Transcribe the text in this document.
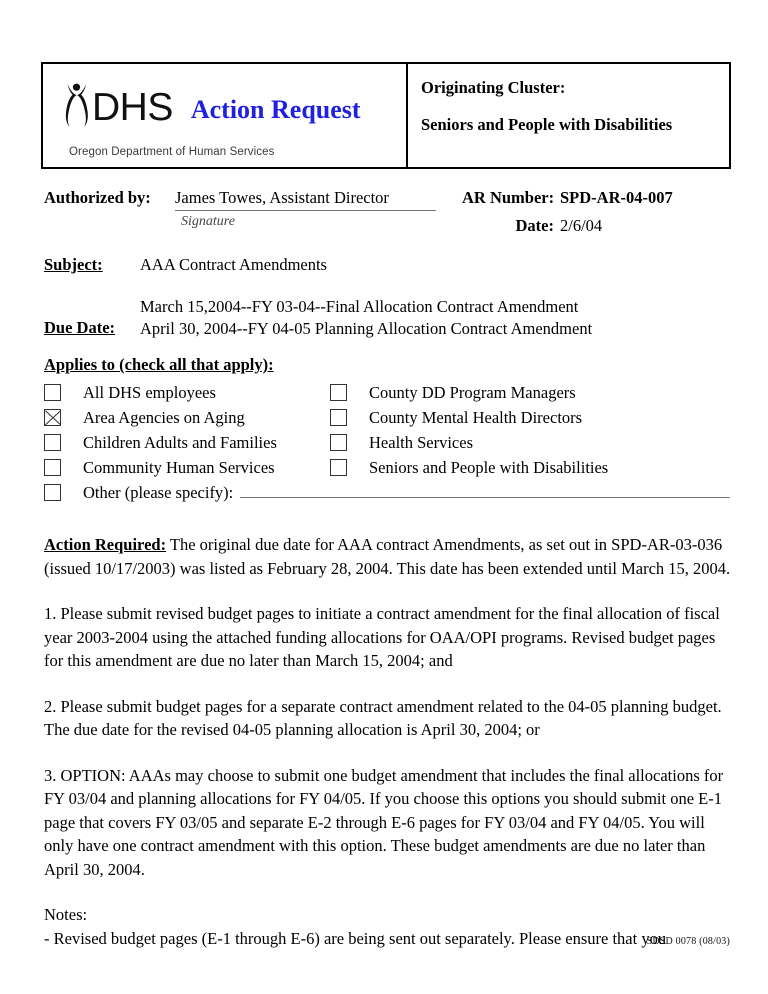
DHS Action Request
Oregon Department of Human Services
Originating Cluster:
Seniors and People with Disabilities
Authorized by: James Towes, Assistant Director	AR Number: SPD-AR-04-007
Signature	Date: 2/6/04
Subject: AAA Contract Amendments
Due Date:
March 15,2004--FY 03-04--Final Allocation Contract Amendment
April 30, 2004--FY 04-05 Planning Allocation Contract Amendment
Applies to (check all that apply):
All DHS employees
Area Agencies on Aging
Children Adults and Families
Community Human Services
Other (please specify):
County DD Program Managers
County Mental Health Directors
Health Services
Seniors and People with Disabilities

Action Required: The original due date for AAA contract Amendments, as set out in SPD-AR-03-036 (issued 10/17/2003) was listed as February 28, 2004. This date has been extended until March 15, 2004.

1. Please submit revised budget pages to initiate a contract amendment for the final allocation of fiscal year 2003-2004 using the attached funding allocations for OAA/OPI programs. Revised budget pages for this amendment are due no later than March 15, 2004; and

2. Please submit budget pages for a separate contract amendment related to the 04-05 planning budget. The due date for the revised 04-05 planning allocation is April 30, 2004; or

3. OPTION: AAAs may choose to submit one budget amendment that includes the final allocations for FY 03/04 and planning allocations for FY 04/05. If you choose this options you should submit one E-1 page that covers FY 03/05 and separate E-2 through E-6 pages for FY 03/04 and FY 04/05. You will only have one contract amendment with this option. These budget amendments are due no later than April 30, 2004.

Notes:

- Revised budget pages (E-1 through E-6) are being sent out separately. Please ensure that you

SDSD 0078 (08/03)
